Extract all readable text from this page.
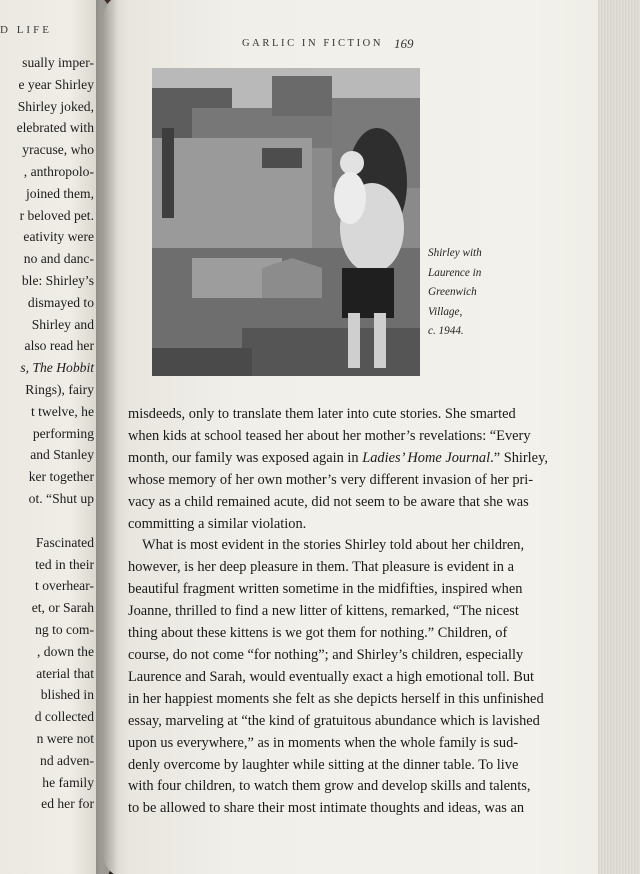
D LIFE
sually imper-
e year Shirley
Shirley joked,
elebrated with
yracuse, who
, anthropolo-
joined them,
r beloved pet.
eativity were
no and danc-
ble: Shirley’s
dismayed to
Shirley and
also read her
s, The Hobbit
Rings), fairy
t twelve, he
performing
and Stanley
ker together
ot. “Shut up
Fascinated
ted in their
t overhear-
et, or Sarah
ng to com-
, down the
aterial that
blished in
d collected
n were not
nd adven-
he family
ed her for
GARLIC IN FICTION 169
Shirley with
Laurence in
Greenwich
Village,
c. 1944.
misdeeds, only to translate them later into cute stories. She smarted
when kids at school teased her about her mother’s revelations: “Every
month, our family was exposed again in Ladies’ Home Journal.” Shirley,
whose memory of her own mother’s very different invasion of her pri-
vacy as a child remained acute, did not seem to be aware that she was
committing a similar violation.
What is most evident in the stories Shirley told about her children,
however, is her deep pleasure in them. That pleasure is evident in a
beautiful fragment written sometime in the midfifties, inspired when
Joanne, thrilled to find a new litter of kittens, remarked, “The nicest
thing about these kittens is we got them for nothing.” Children, of
course, do not come “for nothing”; and Shirley’s children, especially
Laurence and Sarah, would eventually exact a high emotional toll. But
in her happiest moments she felt as she depicts herself in this unfinished
essay, marveling at “the kind of gratuitous abundance which is lavished
upon us everywhere,” as in moments when the whole family is sud-
denly overcome by laughter while sitting at the dinner table. To live
with four children, to watch them grow and develop skills and talents,
to be allowed to share their most intimate thoughts and ideas, was an
